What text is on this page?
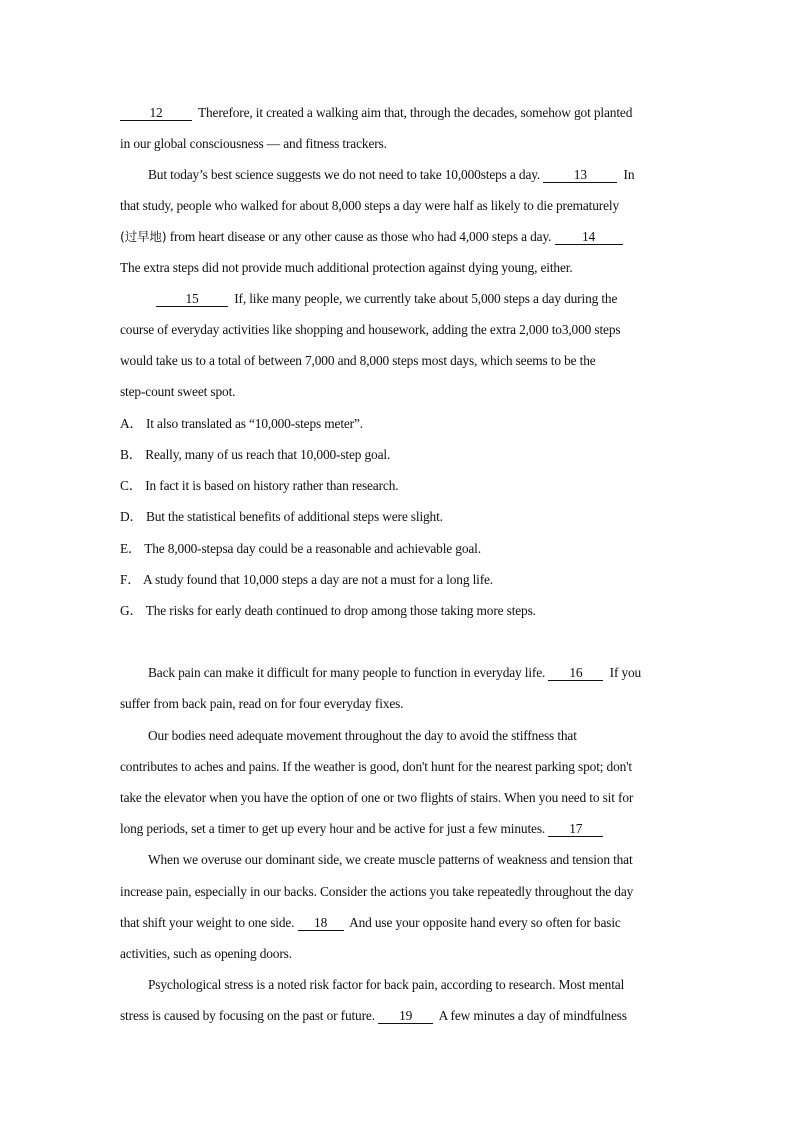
12	Therefore, it created a walking aim that, through the decades, somehow got planted
in our global consciousness — and fitness trackers.
But today’s best science suggests we do not need to take 10,000steps a day.	13	In
that study, people who walked for about 8,000 steps a day were half as likely to die prematurely
(过早地) from heart disease or any other cause as those who had 4,000 steps a day. 14
The extra steps did not provide much additional protection against dying young, either.
15	If, like many people, we currently take about 5,000 steps a day during the
course of everyday activities like shopping and housework, adding the extra 2,000 to3,000 steps
would take us to a total of between 7,000 and 8,000 steps most days, which seems to be the
step-count sweet spot.
A． It also translated as “10,000-steps meter”.
B． Really, many of us reach that 10,000-step goal.
C． In fact it is based on history rather than research.
D． But the statistical benefits of additional steps were slight.
E． The 8,000-stepsa day could be a reasonable and achievable goal.
F． A study found that 10,000 steps a day are not a must for a long life.
G． The risks for early death continued to drop among those taking more steps.
Back pain can make it difficult for many people to function in everyday life. 16 If you
suffer from back pain, read on for four everyday fixes.
Our bodies need adequate movement throughout the day to avoid the stiffness that
contributes to aches and pains. If the weather is good, don't hunt for the nearest parking spot; don't
take the elevator when you have the option of one or two flights of stairs. When you need to sit for
long periods, set a timer to get up every hour and be active for just a few minutes. 17
When we overuse our dominant side, we create muscle patterns of weakness and tension that
increase pain, especially in our backs. Consider the actions you take repeatedly throughout the day
that shift your weight to one side. 18 And use your opposite hand every so often for basic
activities, such as opening doors.
Psychological stress is a noted risk factor for back pain, according to research. Most mental
stress is caused by focusing on the past or future. 19 A few minutes a day of mindfulness
